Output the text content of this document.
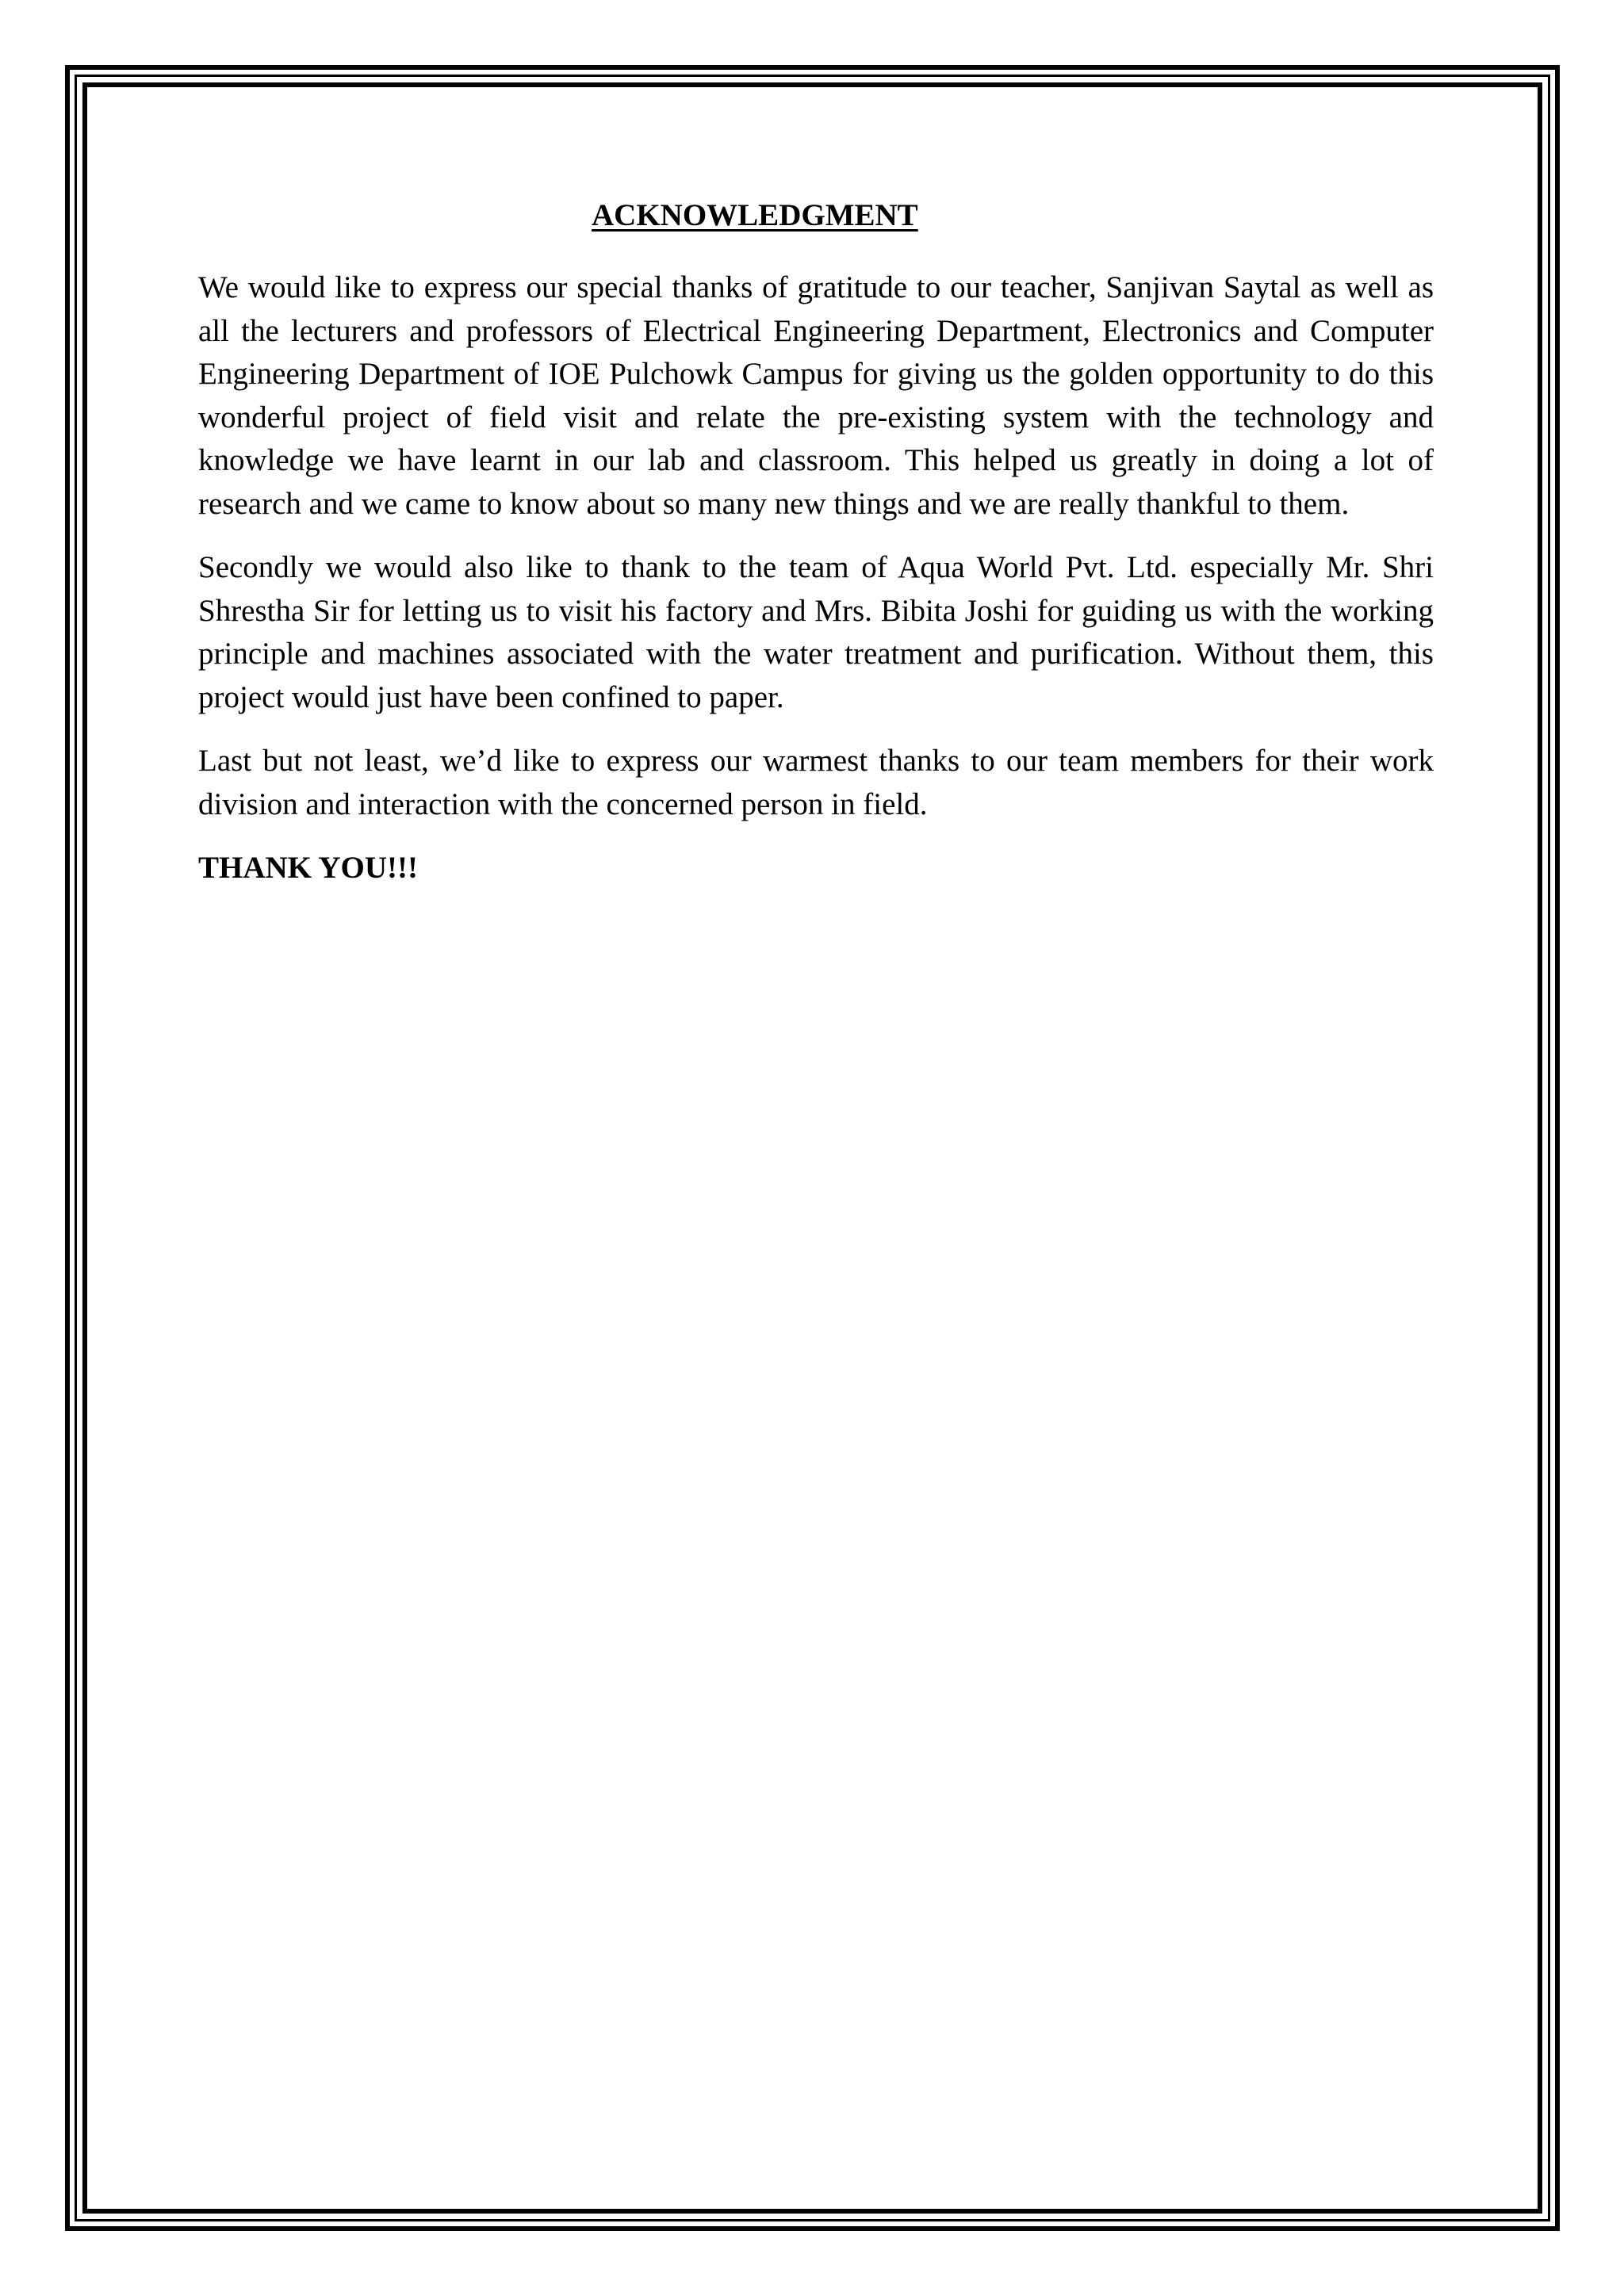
ACKNOWLEDGMENT

We would like to express our special thanks of gratitude to our teacher, Sanjivan Saytal as well as all the lecturers and professors of Electrical Engineering Department, Electronics and Computer Engineering Department of IOE Pulchowk Campus for giving us the golden opportunity to do this wonderful project of field visit and relate the pre-existing system with the technology and knowledge we have learnt in our lab and classroom. This helped us greatly in doing a lot of research and we came to know about so many new things and we are really thankful to them.

Secondly we would also like to thank to the team of Aqua World Pvt. Ltd. especially Mr. Shri Shrestha Sir for letting us to visit his factory and Mrs. Bibita Joshi for guiding us with the working principle and machines associated with the water treatment and purification. Without them, this project would just have been confined to paper.

Last but not least, we’d like to express our warmest thanks to our team members for their work division and interaction with the concerned person in field.

THANK YOU!!!
